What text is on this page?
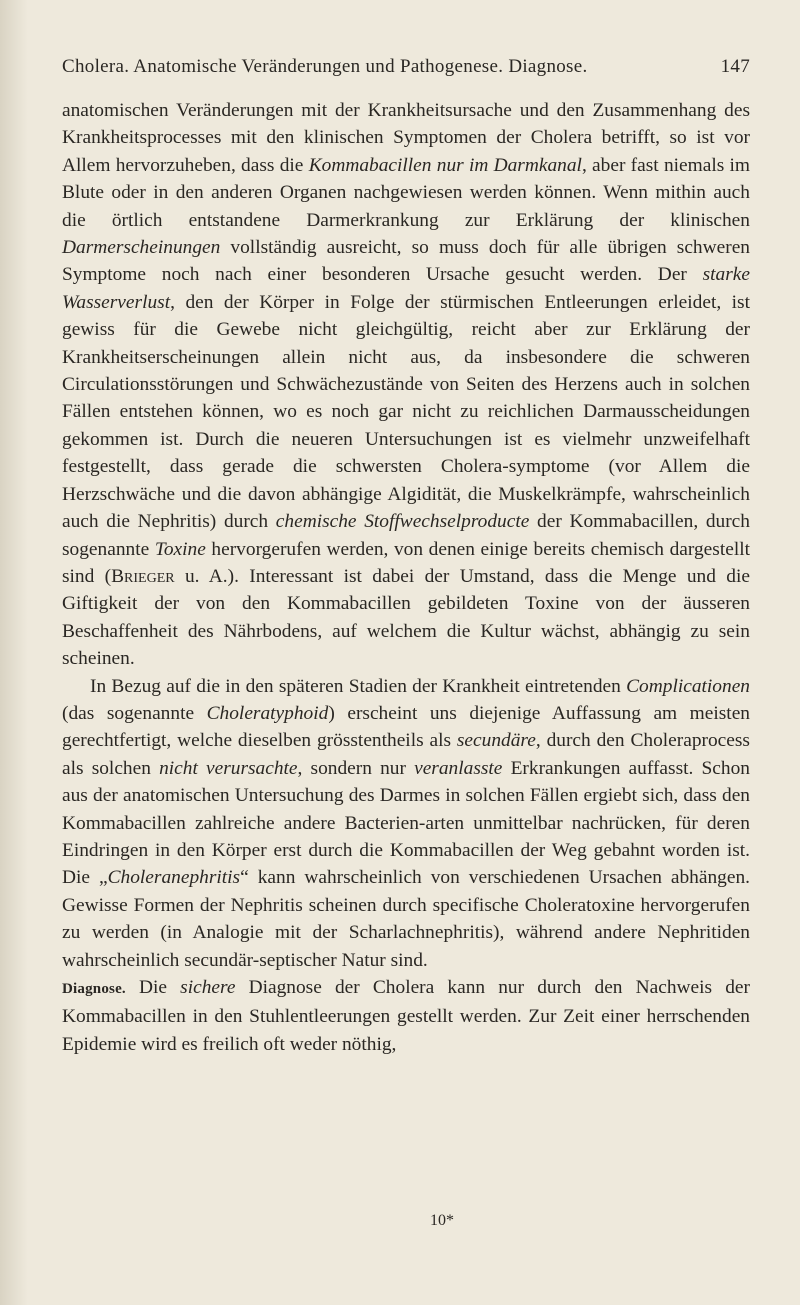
Cholera. Anatomische Veränderungen und Pathogenese. Diagnose.	147

anatomischen Veränderungen mit der Krankheitsursache und den Zusammenhang des Krankheitsprocesses mit den klinischen Symptomen der Cholera betrifft, so ist vor Allem hervorzuheben, dass die Kommabacillen nur im Darmkanal, aber fast niemals im Blute oder in den anderen Organen nachgewiesen werden können. Wenn mithin auch die örtlich entstandene Darmerkrankung zur Erklärung der klinischen Darmerscheinungen vollständig ausreicht, so muss doch für alle übrigen schweren Symptome noch nach einer besonderen Ursache gesucht werden. Der starke Wasserverlust, den der Körper in Folge der stürmischen Entleerungen erleidet, ist gewiss für die Gewebe nicht gleichgültig, reicht aber zur Erklärung der Krankheitserscheinungen allein nicht aus, da insbesondere die schweren Circulationsstörungen und Schwächezustände von Seiten des Herzens auch in solchen Fällen entstehen können, wo es noch gar nicht zu reichlichen Darmausscheidungen gekommen ist. Durch die neueren Untersuchungen ist es vielmehr unzweifelhaft festgestellt, dass gerade die schwersten Cholera-symptome (vor Allem die Herzschwäche und die davon abhängige Algidität, die Muskelkrämpfe, wahrscheinlich auch die Nephritis) durch chemische Stoffwechselproducte der Kommabacillen, durch sogenannte Toxine hervorgerufen werden, von denen einige bereits chemisch dargestellt sind (Brieger u. A.). Interessant ist dabei der Umstand, dass die Menge und die Giftigkeit der von den Kommabacillen gebildeten Toxine von der äusseren Beschaffenheit des Nährbodens, auf welchem die Kultur wächst, abhängig zu sein scheinen.

In Bezug auf die in den späteren Stadien der Krankheit eintretenden Complicationen (das sogenannte Choleratyphoid) erscheint uns diejenige Auffassung am meisten gerechtfertigt, welche dieselben grösstentheils als secundäre, durch den Choleraprocess als solchen nicht verursachte, sondern nur veranlasste Erkrankungen auffasst. Schon aus der anatomischen Untersuchung des Darmes in solchen Fällen ergiebt sich, dass den Kommabacillen zahlreiche andere Bacterien-arten unmittelbar nachrücken, für deren Eindringen in den Körper erst durch die Kommabacillen der Weg gebahnt worden ist. Die „Choleranephritis“ kann wahrscheinlich von verschiedenen Ursachen abhängen. Gewisse Formen der Nephritis scheinen durch specifische Choleratoxine hervorgerufen zu werden (in Analogie mit der Scharlachnephritis), während andere Nephritiden wahrscheinlich secundär-septischer Natur sind.

Diagnose. Die sichere Diagnose der Cholera kann nur durch den Nachweis der Kommabacillen in den Stuhlentleerungen gestellt werden. Zur Zeit einer herrschenden Epidemie wird es freilich oft weder nöthig,

10*
